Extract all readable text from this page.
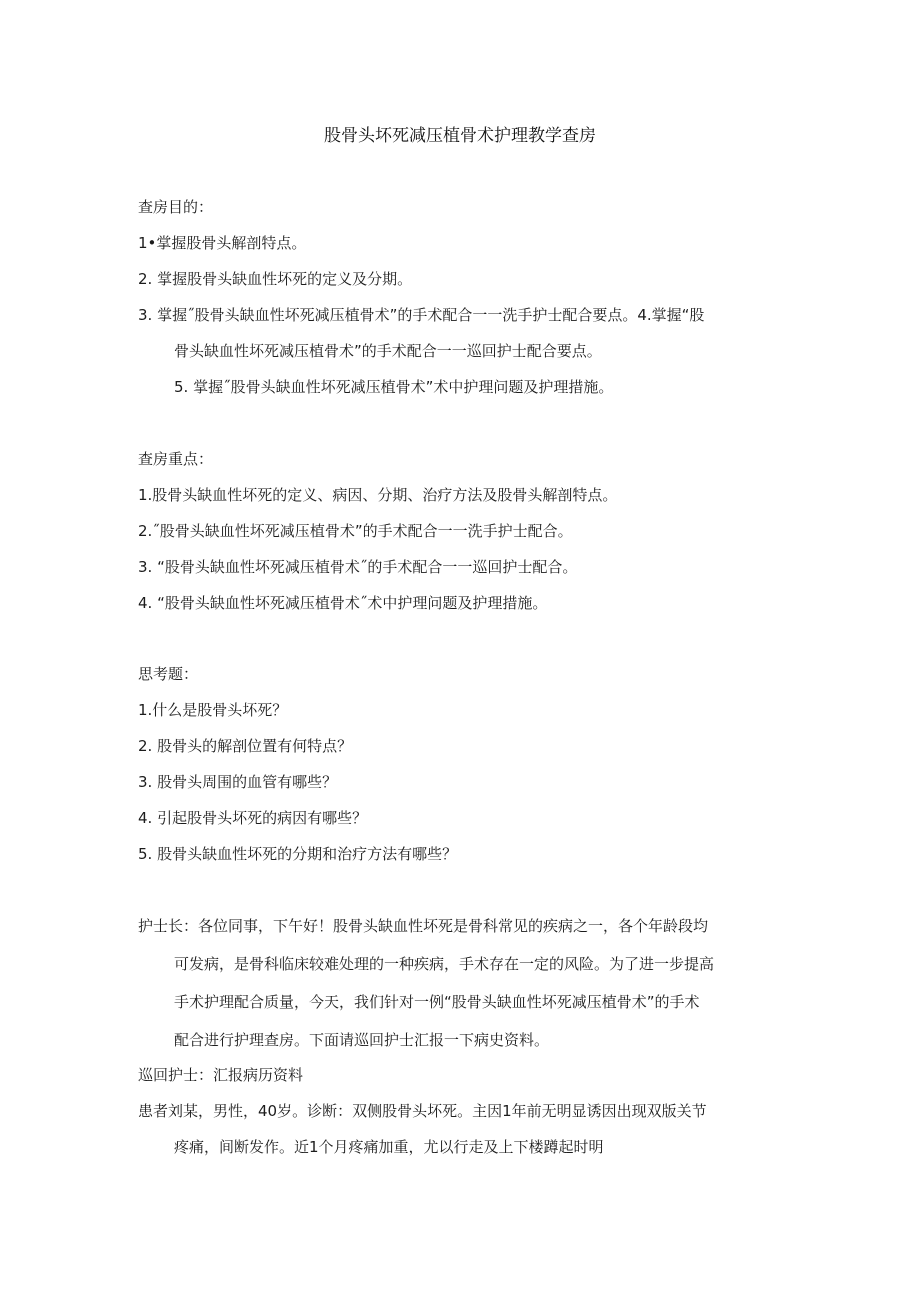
股骨头坏死减压植骨术护理教学查房
查房目的：
1•掌握股骨头解剖特点。
2. 掌握股骨头缺血性坏死的定义及分期。
3. 掌握˝股骨头缺血性坏死减压植骨术”的手术配合一一洗手护士配合要点。4.掌握“股
骨头缺血性坏死减压植骨术”的手术配合一一巡回护士配合要点。
5. 掌握˝股骨头缺血性坏死减压植骨术”术中护理问题及护理措施。
查房重点：
1.股骨头缺血性坏死的定义、病因、分期、治疗方法及股骨头解剖特点。
2.˝股骨头缺血性坏死减压植骨术”的手术配合一一洗手护士配合。
3. “股骨头缺血性坏死减压植骨术˝的手术配合一一巡回护士配合。
4. “股骨头缺血性坏死减压植骨术˝术中护理问题及护理措施。
思考题：
1.什么是股骨头坏死？
2. 股骨头的解剖位置有何特点？
3. 股骨头周围的血管有哪些？
4. 引起股骨头坏死的病因有哪些？
5. 股骨头缺血性坏死的分期和治疗方法有哪些？
护士长：各位同事，下午好！股骨头缺血性坏死是骨科常见的疾病之一，各个年龄段均
可发病，是骨科临床较难处理的一种疾病，手术存在一定的风险。为了进一步提高
手术护理配合质量，今天，我们针对一例“股骨头缺血性坏死减压植骨术”的手术
配合进行护理查房。下面请巡回护士汇报一下病史资料。
巡回护士：汇报病历资料
患者刘某，男性，40岁。诊断：双侧股骨头坏死。主因1年前无明显诱因出现双版关节
疼痛，间断发作。近1个月疼痛加重，尤以行走及上下楼蹲起时明
